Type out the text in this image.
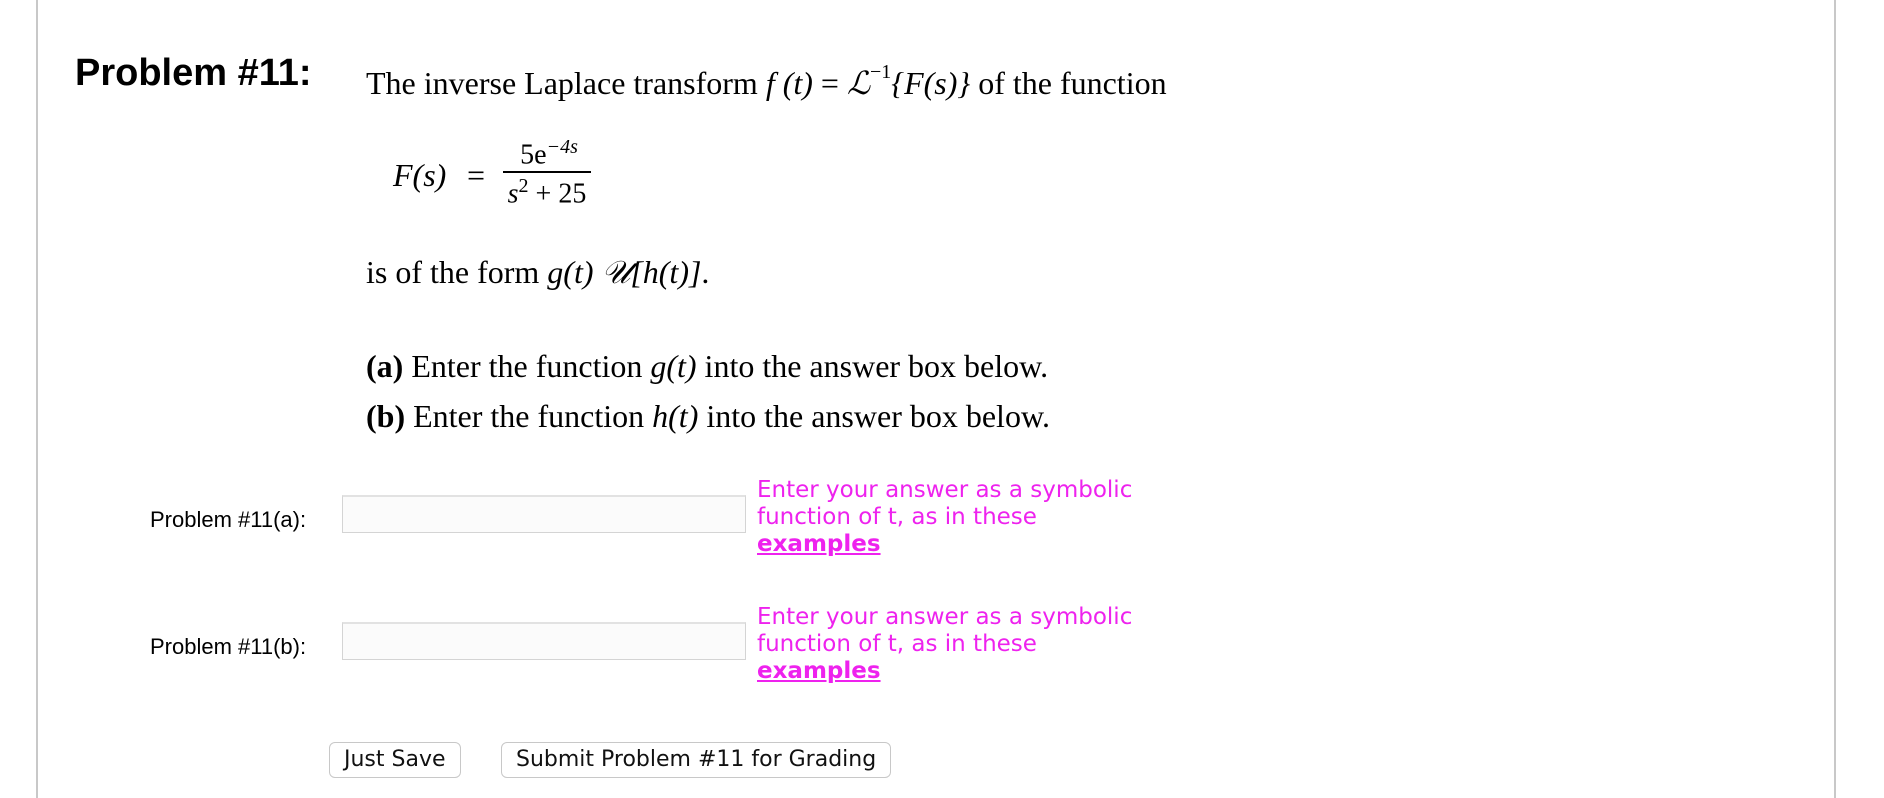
Problem #11: The inverse Laplace transform f (t) = ℒ$^{-1}${F(s)} of the function
F(s) =
$5e^{-4s}$
$s^2 + 25$
is of the form g(t) 𝒰[h(t)].
(a) Enter the function g(t) into the answer box below.
(b) Enter the function h(t) into the answer box below.
Problem #11(a):
Enter your answer as a symbolic function of t, as in these examples
Problem #11(b):
Enter your answer as a symbolic function of t, as in these examples
Just Save	Submit Problem #11 for Grading
